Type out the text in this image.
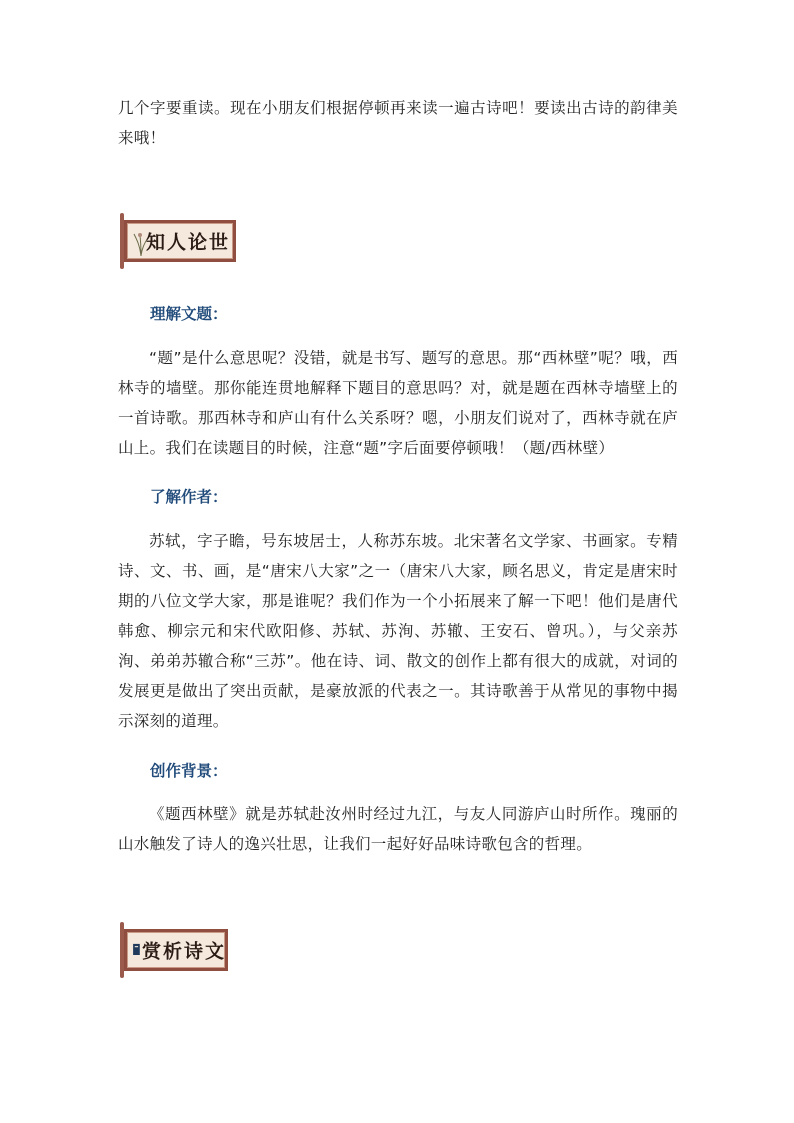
几个字要重读。现在小朋友们根据停顿再来读一遍古诗吧！要读出古诗的韵律美来哦！

知人论世

理解文题：

“题”是什么意思呢？没错，就是书写、题写的意思。那“西林壁”呢？哦，西林寺的墙壁。那你能连贯地解释下题目的意思吗？对，就是题在西林寺墙壁上的一首诗歌。那西林寺和庐山有什么关系呀？嗯，小朋友们说对了，西林寺就在庐山上。我们在读题目的时候，注意“题”字后面要停顿哦！（题/西林壁）

了解作者：

苏轼，字子瞻，号东坡居士，人称苏东坡。北宋著名文学家、书画家。专精诗、文、书、画，是“唐宋八大家”之一（唐宋八大家，顾名思义，肯定是唐宋时期的八位文学大家，那是谁呢？我们作为一个小拓展来了解一下吧！他们是唐代韩愈、柳宗元和宋代欧阳修、苏轼、苏洵、苏辙、王安石、曾巩。），与父亲苏洵、弟弟苏辙合称“三苏”。他在诗、词、散文的创作上都有很大的成就，对词的发展更是做出了突出贡献，是豪放派的代表之一。其诗歌善于从常见的事物中揭示深刻的道理。

创作背景：

《题西林壁》就是苏轼赴汝州时经过九江，与友人同游庐山时所作。瑰丽的山水触发了诗人的逸兴壮思，让我们一起好好品味诗歌包含的哲理。

赏析诗文
